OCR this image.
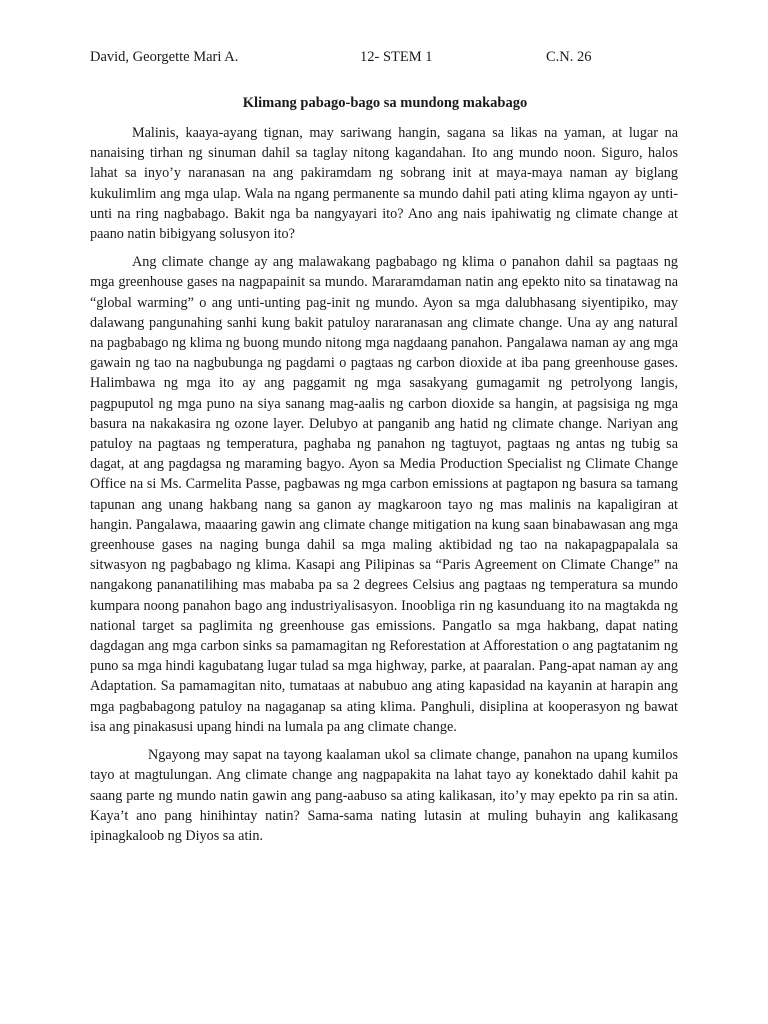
David, Georgette Mari A.	12- STEM 1	C.N. 26
Klimang pabago-bago sa mundong makabago

Malinis, kaaya-ayang tignan, may sariwang hangin, sagana sa likas na yaman, at lugar na nanaising tirhan ng sinuman dahil sa taglay nitong kagandahan. Ito ang mundo noon. Siguro, halos lahat sa inyo’y naranasan na ang pakiramdam ng sobrang init at maya-maya naman ay biglang kukulimlim ang mga ulap. Wala na ngang permanente sa mundo dahil pati ating klima ngayon ay unti-unti na ring nagbabago. Bakit nga ba nangyayari ito? Ano ang nais ipahiwatig ng climate change at paano natin bibigyang solusyon ito?

Ang climate change ay ang malawakang pagbabago ng klima o panahon dahil sa pagtaas ng mga greenhouse gases na nagpapainit sa mundo. Mararamdaman natin ang epekto nito sa tinatawag na “global warming” o ang unti-unting pag-init ng mundo. Ayon sa mga dalubhasang siyentipiko, may dalawang pangunahing sanhi kung bakit patuloy nararanasan ang climate change. Una ay ang natural na pagbabago ng klima ng buong mundo nitong mga nagdaang panahon. Pangalawa naman ay ang mga gawain ng tao na nagbubunga ng pagdami o pagtaas ng carbon dioxide at iba pang greenhouse gases. Halimbawa ng mga ito ay ang paggamit ng mga sasakyang gumagamit ng petrolyong langis, pagpuputol ng mga puno na siya sanang mag-aalis ng carbon dioxide sa hangin, at pagsisiga ng mga basura na nakakasira ng ozone layer. Delubyo at panganib ang hatid ng climate change. Nariyan ang patuloy na pagtaas ng temperatura, paghaba ng panahon ng tagtuyot, pagtaas ng antas ng tubig sa dagat, at ang pagdagsa ng maraming bagyo. Ayon sa Media Production Specialist ng Climate Change Office na si Ms. Carmelita Passe, pagbawas ng mga carbon emissions at pagtapon ng basura sa tamang tapunan ang unang hakbang nang sa ganon ay magkaroon tayo ng mas malinis na kapaligiran at hangin. Pangalawa, maaaring gawin ang climate change mitigation na kung saan binabawasan ang mga greenhouse gases na naging bunga dahil sa mga maling aktibidad ng tao na nakapagpapalala sa sitwasyon ng pagbabago ng klima. Kasapi ang Pilipinas sa “Paris Agreement on Climate Change” na nangakong pananatilihing mas mababa pa sa 2 degrees Celsius ang pagtaas ng temperatura sa mundo kumpara noong panahon bago ang industriyalisasyon. Inoobliga rin ng kasunduang ito na magtakda ng national target sa paglimita ng greenhouse gas emissions. Pangatlo sa mga hakbang, dapat nating dagdagan ang mga carbon sinks sa pamamagitan ng Reforestation at Afforestation o ang pagtatanim ng puno sa mga hindi kagubatang lugar tulad sa mga highway, parke, at paaralan. Pang-apat naman ay ang Adaptation. Sa pamamagitan nito, tumataas at nabubuo ang ating kapasidad na kayanin at harapin ang mga pagbabagong patuloy na nagaganap sa ating klima. Panghuli, disiplina at kooperasyon ng bawat isa ang pinakasusi upang hindi na lumala pa ang climate change.

Ngayong may sapat na tayong kaalaman ukol sa climate change, panahon na upang kumilos tayo at magtulungan. Ang climate change ang nagpapakita na lahat tayo ay konektado dahil kahit pa saang parte ng mundo natin gawin ang pang-aabuso sa ating kalikasan, ito’y may epekto pa rin sa atin. Kaya’t ano pang hinihintay natin? Sama-sama nating lutasin at muling buhayin ang kalikasang ipinagkaloob ng Diyos sa atin.
